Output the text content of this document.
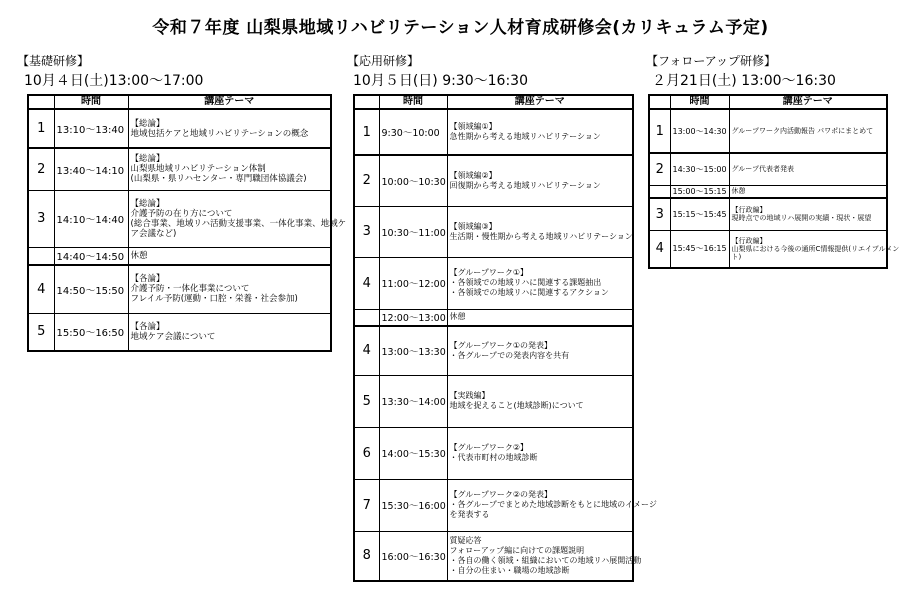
令和７年度 山梨県地域リハビリテーション人材育成研修会(カリキュラム予定)
【基礎研修】
10月４日(土)13:00〜17:00
	時間	講座テーマ
1	13:10〜13:40	【総論】
地域包括ケアと地域リハビリテーションの概念

2	13:40〜14:10	【総論】
山梨県地域リハビリテーション体制
(山梨県・県リハセンター・専門職団体協議会)

3	14:10〜14:40	【総論】
介護予防の在り方について
(総合事業、地域リハ活動支援事業、一体化事業、地域ケ
ア会議など)

	14:40〜14:50	休憩

4	14:50〜15:50	【各論】
介護予防・一体化事業について
フレイル予防(運動・口腔・栄養・社会参加)

5	15:50〜16:50	【各論】
地域ケア会議について
【応用研修】
10月５日(日) 9:30〜16:30
	時間	講座テーマ
1	9:30〜10:00	【領域編①】
急性期から考える地域リハビリテーション

2	10:00〜10:30	【領域編②】
回復期から考える地域リハビリテーション

3	10:30〜11:00	【領域編③】
生活期・慢性期から考える地域リハビリテーション

4	11:00〜12:00	【グループワーク①】
・各領域での地域リハに関連する課題抽出
・各領域での地域リハに関連するアクション

	12:00〜13:00	休憩

4	13:00〜13:30	【グループワーク①の発表】
・各グループでの発表内容を共有

5	13:30〜14:00	【実践編】
地域を捉えること(地域診断)について

6	14:00〜15:30	【グループワーク②】
・代表市町村の地域診断

7	15:30〜16:00	【グループワーク②の発表】
・各グループでまとめた地域診断をもとに地域のイメージ
を発表する

8	16:00〜16:30	質疑応答
フォローアップ編に向けての課題説明
・各自の働く領域・組織においての地域リハ展開活動
・自分の住まい・職場の地域診断
【フォローアップ研修】
２月21日(土) 13:00〜16:30
	時間	講座テーマ
1	13:00〜14:30	グループワーク内活動報告 パワポにまとめて

2	14:30〜15:00	グループ代表者発表

	15:00〜15:15	休憩

3	15:15〜15:45	【行政編】
現時点での地域リハ展開の実績・現状・展望

4	15:45〜16:15	【行政編】
山梨県における今後の通所C情報提供(リエイブルメン
ト)
